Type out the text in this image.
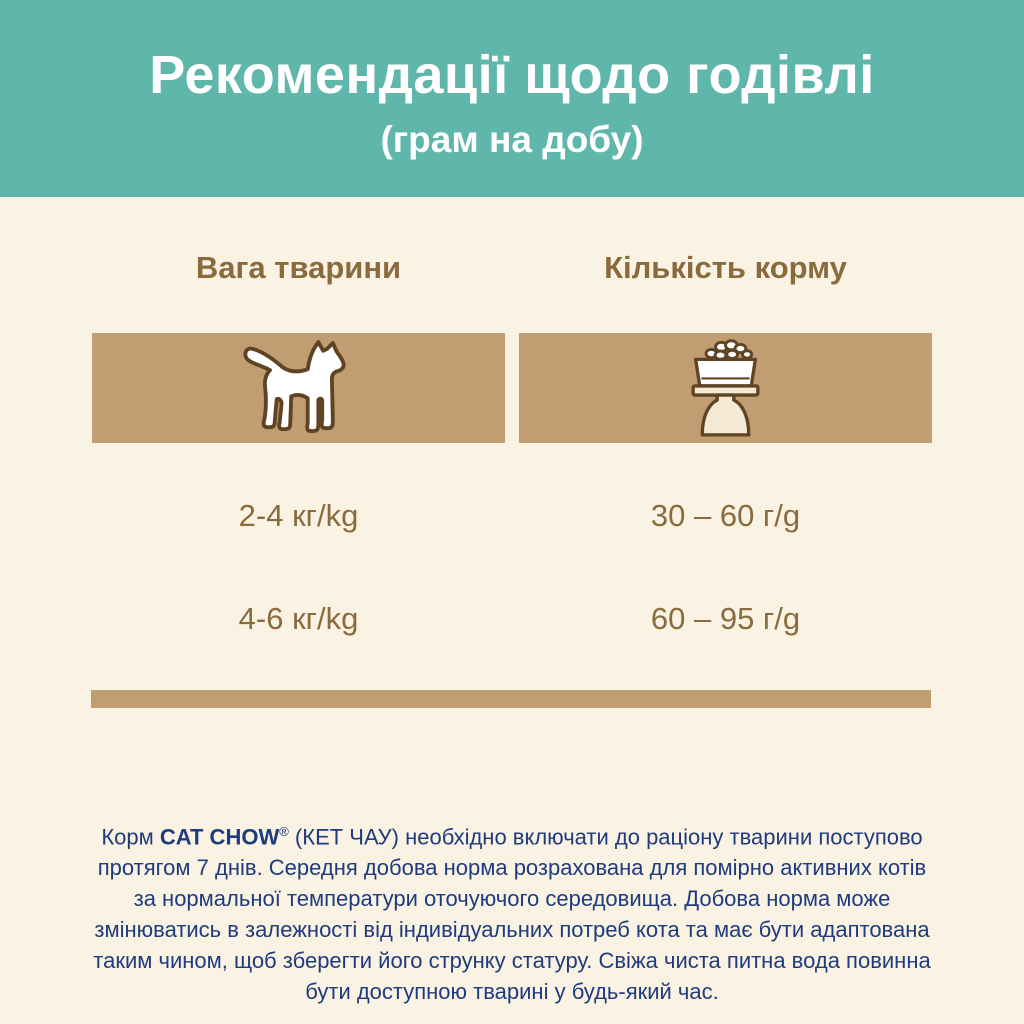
Рекомендації щодо годівлі
(грам на добу)
Вага тварини	Кількість корму
2-4 кг/kg	30 – 60 г/g
4-6 кг/kg	60 – 95 г/g

Корм CAT CHOW® (КЕТ ЧАУ) необхідно включати до раціону тварини поступово протягом 7 днів. Середня добова норма розрахована для помірно активних котів за нормальної температури оточуючого середовища. Добова норма може змінюватись в залежності від індивідуальних потреб кота та має бути адаптована таким чином, щоб зберегти його струнку статуру. Свіжа чиста питна вода повинна бути доступною тварині у будь-який час.
